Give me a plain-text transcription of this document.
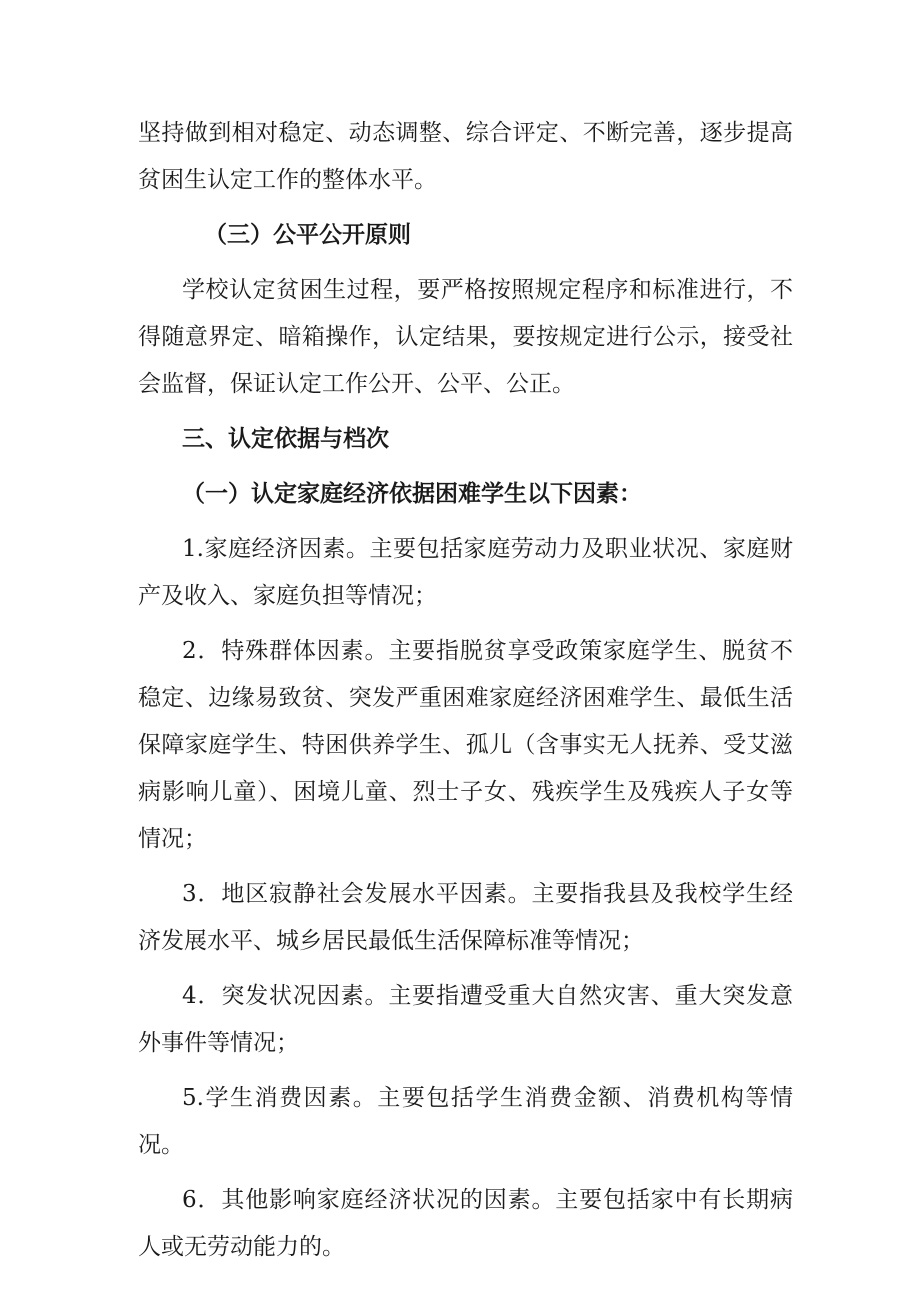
坚持做到相对稳定、动态调整、综合评定、不断完善，逐步提高贫困生认定工作的整体水平。

（三）公平公开原则

学校认定贫困生过程，要严格按照规定程序和标准进行，不得随意界定、暗箱操作，认定结果，要按规定进行公示，接受社会监督，保证认定工作公开、公平、公正。

三、认定依据与档次

（一）认定家庭经济依据困难学生以下因素：

1.家庭经济因素。主要包括家庭劳动力及职业状况、家庭财产及收入、家庭负担等情况；

2．特殊群体因素。主要指脱贫享受政策家庭学生、脱贫不稳定、边缘易致贫、突发严重困难家庭经济困难学生、最低生活保障家庭学生、特困供养学生、孤儿（含事实无人抚养、受艾滋病影响儿童）、困境儿童、烈士子女、残疾学生及残疾人子女等情况；

3．地区寂静社会发展水平因素。主要指我县及我校学生经济发展水平、城乡居民最低生活保障标准等情况；

4．突发状况因素。主要指遭受重大自然灾害、重大突发意外事件等情况；

5.学生消费因素。主要包括学生消费金额、消费机构等情况。

6．其他影响家庭经济状况的因素。主要包括家中有长期病人或无劳动能力的。
